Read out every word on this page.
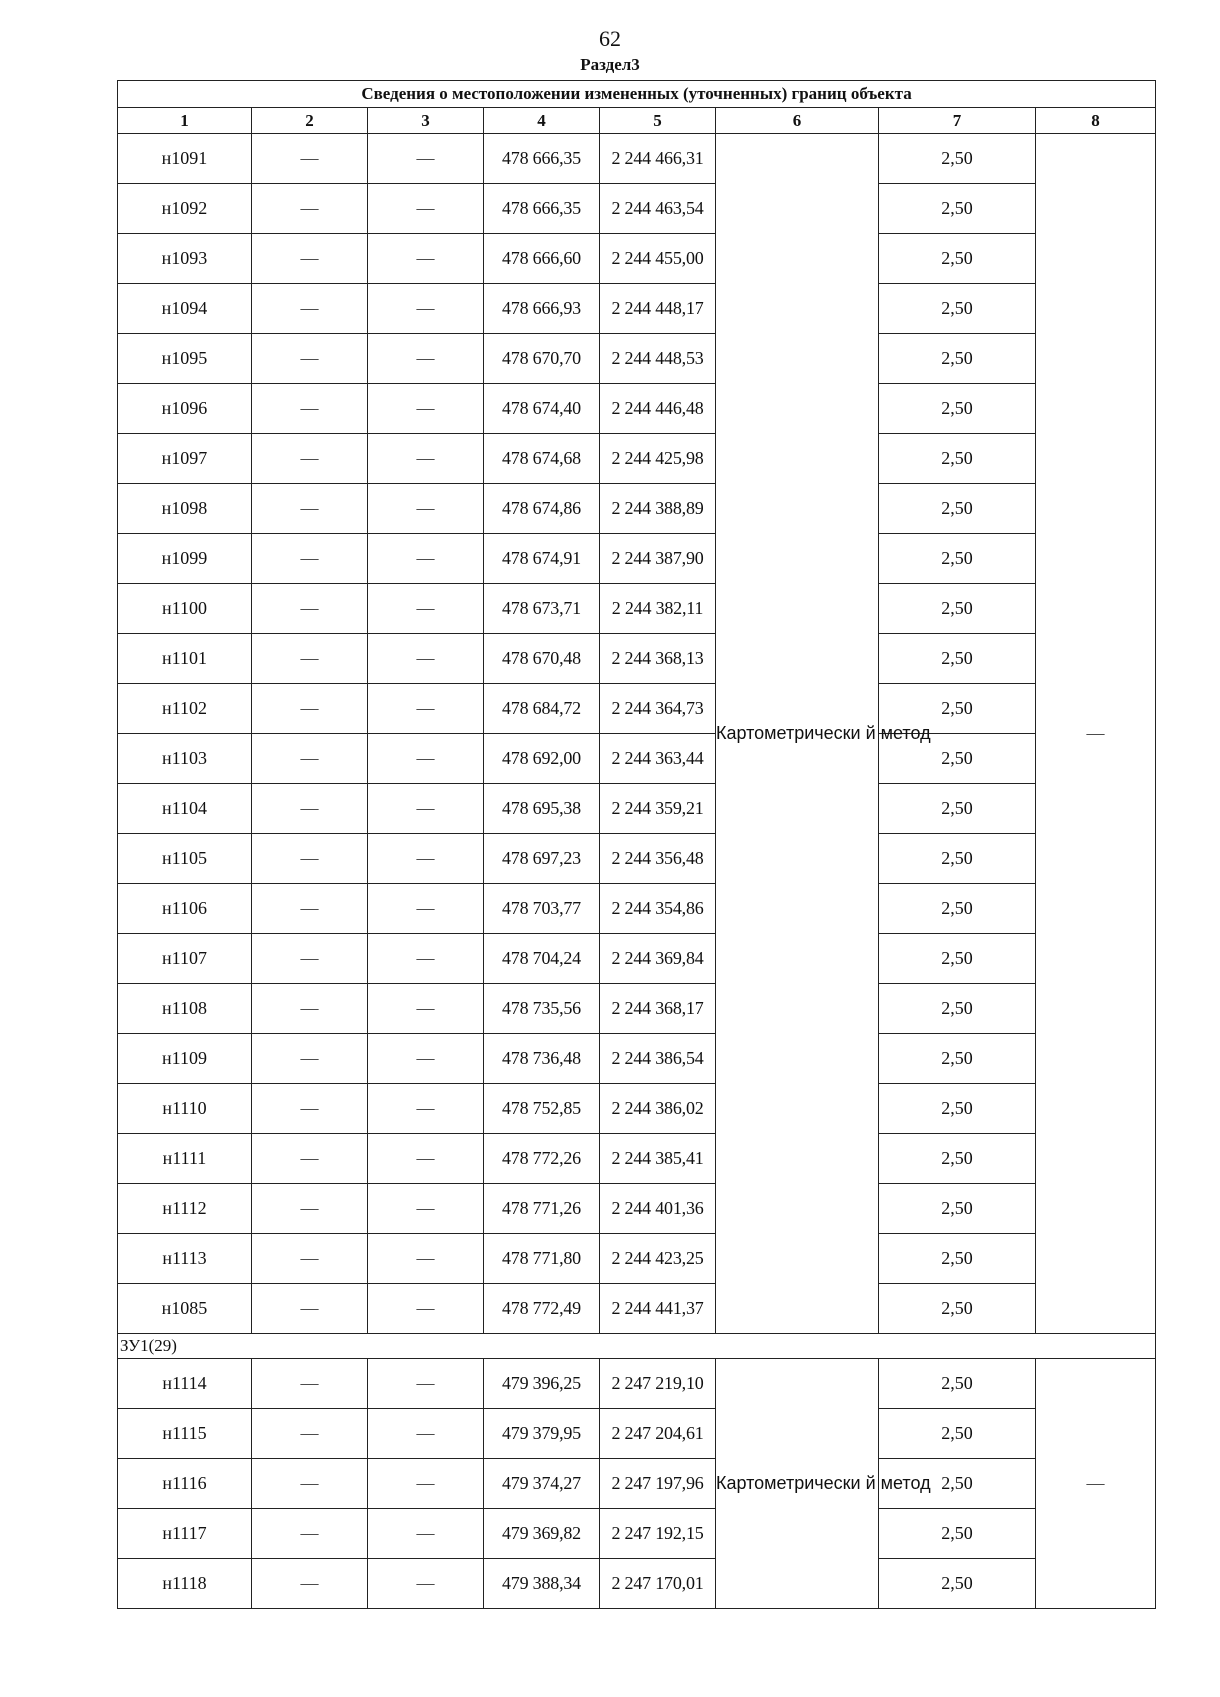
62
Раздел3
Сведения о местоположении измененных (уточненных) границ объекта							
1	2	3	4	5	6	7	8
н1091	—	—	478 666,35	2 244 466,31	Картометрически й метод	2,50	—
н1092	—	—	478 666,35	2 244 463,54		2,50	
н1093	—	—	478 666,60	2 244 455,00		2,50	
н1094	—	—	478 666,93	2 244 448,17		2,50	
н1095	—	—	478 670,70	2 244 448,53		2,50	
н1096	—	—	478 674,40	2 244 446,48		2,50	
н1097	—	—	478 674,68	2 244 425,98		2,50	
н1098	—	—	478 674,86	2 244 388,89		2,50	
н1099	—	—	478 674,91	2 244 387,90		2,50	
н1100	—	—	478 673,71	2 244 382,11		2,50	
н1101	—	—	478 670,48	2 244 368,13		2,50	
н1102	—	—	478 684,72	2 244 364,73		2,50	
н1103	—	—	478 692,00	2 244 363,44		2,50	
н1104	—	—	478 695,38	2 244 359,21		2,50	
н1105	—	—	478 697,23	2 244 356,48		2,50	
н1106	—	—	478 703,77	2 244 354,86		2,50	
н1107	—	—	478 704,24	2 244 369,84		2,50	
н1108	—	—	478 735,56	2 244 368,17		2,50	
н1109	—	—	478 736,48	2 244 386,54		2,50	
н1110	—	—	478 752,85	2 244 386,02		2,50	
н1111	—	—	478 772,26	2 244 385,41		2,50	
н1112	—	—	478 771,26	2 244 401,36		2,50	
н1113	—	—	478 771,80	2 244 423,25		2,50	
н1085	—	—	478 772,49	2 244 441,37		2,50	
ЗУ1(29)							
н1114	—	—	479 396,25	2 247 219,10	Картометрически й метод	2,50	—
н1115	—	—	479 379,95	2 247 204,61		2,50	
н1116	—	—	479 374,27	2 247 197,96		2,50	
н1117	—	—	479 369,82	2 247 192,15		2,50	
н1118	—	—	479 388,34	2 247 170,01		2,50	
